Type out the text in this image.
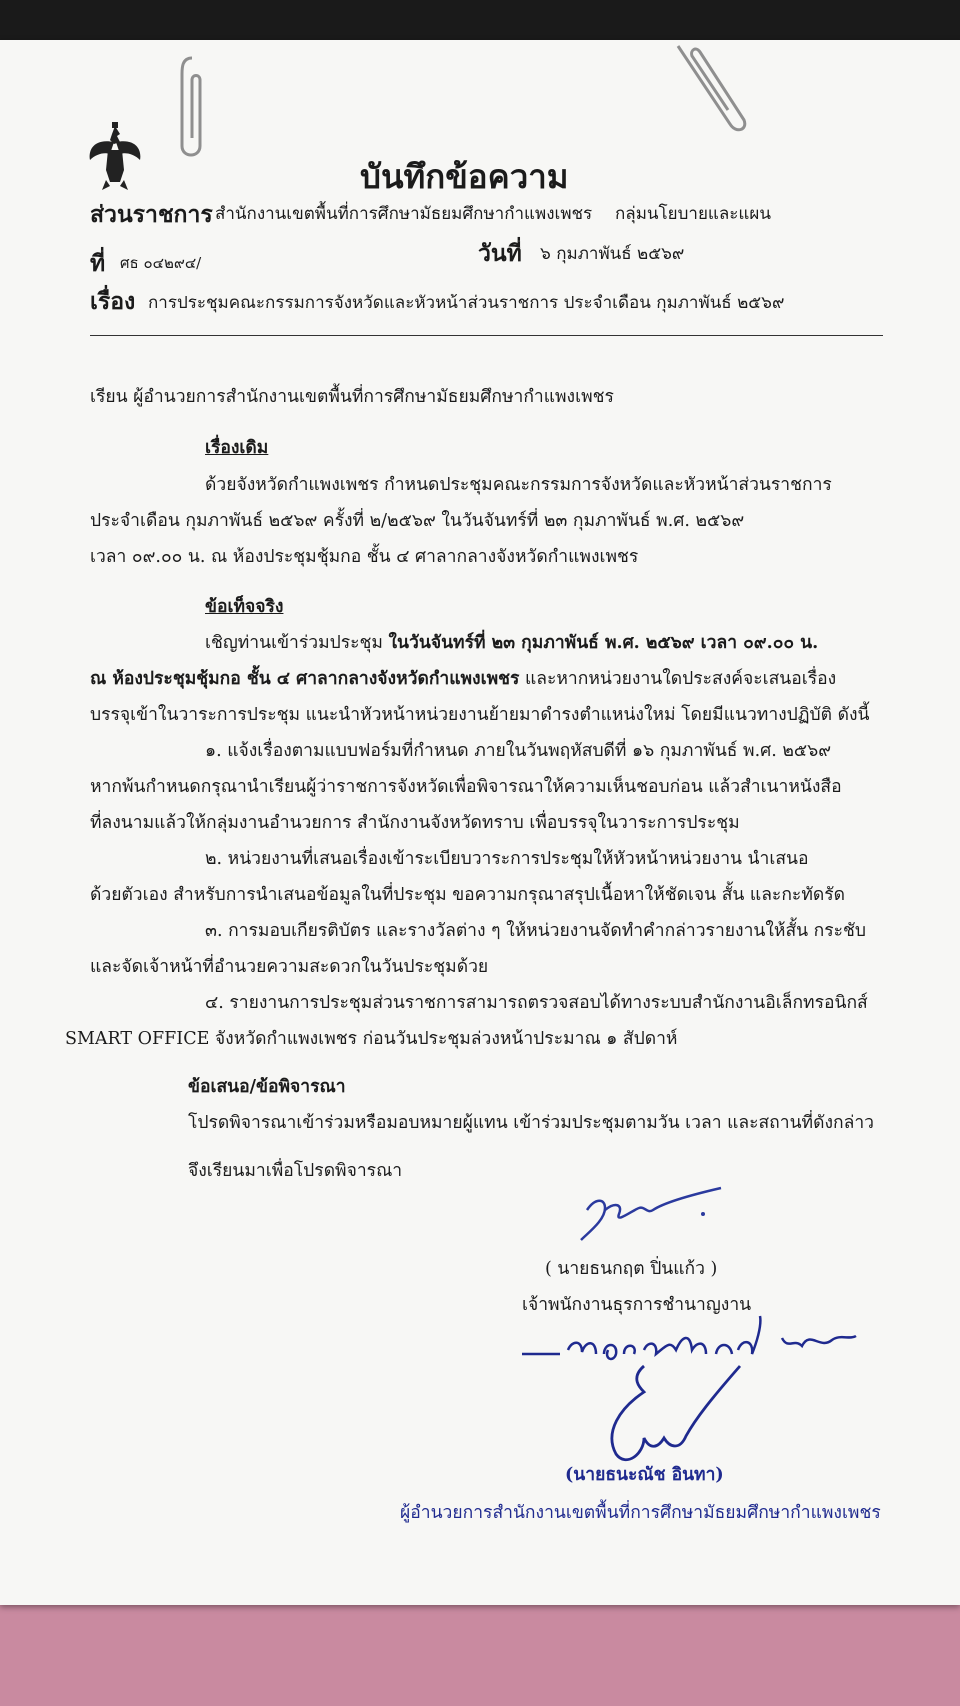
บันทึกข้อความ
ส่วนราชการ สำนักงานเขตพื้นที่การศึกษามัธยมศึกษากำแพงเพชร กลุ่มนโยบายและแผน
ที่ ศธ ๐๔๒๙๔/	วันที่ ๖ กุมภาพันธ์ ๒๕๖๙
เรื่อง การประชุมคณะกรรมการจังหวัดและหัวหน้าส่วนราชการ ประจำเดือน กุมภาพันธ์ ๒๕๖๙
เรียน ผู้อำนวยการสำนักงานเขตพื้นที่การศึกษามัธยมศึกษากำแพงเพชร
เรื่องเดิม
ด้วยจังหวัดกำแพงเพชร กำหนดประชุมคณะกรรมการจังหวัดและหัวหน้าส่วนราชการ
ประจำเดือน กุมภาพันธ์ ๒๕๖๙ ครั้งที่ ๒/๒๕๖๙ ในวันจันทร์ที่ ๒๓ กุมภาพันธ์ พ.ศ. ๒๕๖๙
เวลา ๐๙.๐๐ น. ณ ห้องประชุมชุ้มกอ ชั้น ๔ ศาลากลางจังหวัดกำแพงเพชร
ข้อเท็จจริง
เชิญท่านเข้าร่วมประชุม ในวันจันทร์ที่ ๒๓ กุมภาพันธ์ พ.ศ. ๒๕๖๙ เวลา ๐๙.๐๐ น.
ณ ห้องประชุมชุ้มกอ ชั้น ๔ ศาลากลางจังหวัดกำแพงเพชร และหากหน่วยงานใดประสงค์จะเสนอเรื่อง
บรรจุเข้าในวาระการประชุม แนะนำหัวหน้าหน่วยงานย้ายมาดำรงตำแหน่งใหม่ โดยมีแนวทางปฏิบัติ ดังนี้
๑. แจ้งเรื่องตามแบบฟอร์มที่กำหนด ภายในวันพฤหัสบดีที่ ๑๖ กุมภาพันธ์ พ.ศ. ๒๕๖๙
หากพ้นกำหนดกรุณานำเรียนผู้ว่าราชการจังหวัดเพื่อพิจารณาให้ความเห็นชอบก่อน แล้วสำเนาหนังสือ
ที่ลงนามแล้วให้กลุ่มงานอำนวยการ สำนักงานจังหวัดทราบ เพื่อบรรจุในวาระการประชุม
๒. หน่วยงานที่เสนอเรื่องเข้าระเบียบวาระการประชุมให้หัวหน้าหน่วยงาน นำเสนอ
ด้วยตัวเอง สำหรับการนำเสนอข้อมูลในที่ประชุม ขอความกรุณาสรุปเนื้อหาให้ชัดเจน สั้น และกะทัดรัด
๓. การมอบเกียรติบัตร และรางวัลต่าง ๆ ให้หน่วยงานจัดทำคำกล่าวรายงานให้สั้น กระชับ
และจัดเจ้าหน้าที่อำนวยความสะดวกในวันประชุมด้วย
๔. รายงานการประชุมส่วนราชการสามารถตรวจสอบได้ทางระบบสำนักงานอิเล็กทรอนิกส์
SMART OFFICE จังหวัดกำแพงเพชร ก่อนวันประชุมล่วงหน้าประมาณ ๑ สัปดาห์
ข้อเสนอ/ข้อพิจารณา
โปรดพิจารณาเข้าร่วมหรือมอบหมายผู้แทน เข้าร่วมประชุมตามวัน เวลา และสถานที่ดังกล่าว
จึงเรียนมาเพื่อโปรดพิจารณา
( นายธนกฤต ปิ่นแก้ว )
เจ้าพนักงานธุรการชำนาญงาน
(นายธนะณัช อินทา)
ผู้อำนวยการสำนักงานเขตพื้นที่การศึกษามัธยมศึกษากำแพงเพชร
